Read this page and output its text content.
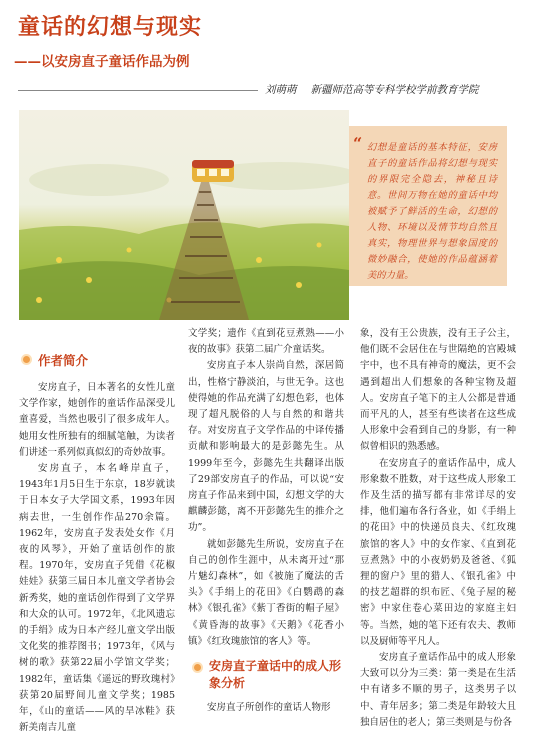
童话的幻想与现实
——以安房直子童话作品为例
刘萌萌 新疆师范高等专科学校学前教育学院
“ 幻想是童话的基本特征，安房直子的童话作品将幻想与现实的界限完全隐去，神秘且诗意。世间万物在她的童话中均被赋予了鲜活的生命，幻想的人物、环境以及情节均自然且真实，物理世界与想象国度的微妙融合，使她的作品蕴涵着美的力量。
作者简介

安房直子，日本著名的女性儿童文学作家，她创作的童话作品深受儿童喜爱，当然也吸引了很多成年人。她用女性所独有的细腻笔触，为读者们讲述一系列似真似幻的奇妙故事。

安房直子，本名峰岸直子，1943年1月5日生于东京，18岁就读于日本女子大学国文系，1993年因病去世，一生创作作品270余篇。1962年，安房直子发表处女作《月夜的风琴》，开始了童话创作的旅程。1970年，安房直子凭借《花椒娃娃》获第三届日本儿童文学者协会新秀奖，她的童话创作得到了文学界和大众的认可。1972年，《北风遗忘的手绢》成为日本产经儿童文学出版文化奖的推荐图书；1973年，《风与树的歌》获第22届小学馆文学奖；1982年，童话集《遥远的野玫瑰村》获第20届野间儿童文学奖；1985年，《山的童话——风的旱冰鞋》获新美南吉儿童

文学奖；遗作《直到花豆煮熟——小夜的故事》获第二届广介童话奖。

安房直子本人崇尚自然，深居简出，性格宁静淡泊，与世无争。这也使得她的作品充满了幻想色彩，也体现了超凡脱俗的人与自然的和谐共存。对安房直子文学作品的中译传播贡献和影响最大的是彭懿先生。从1999年至今，彭懿先生共翻译出版了29部安房直子的作品，可以说“安房直子作品来到中国，幻想文学的大麒麟彭懿，离不开彭懿先生的推介之功”。

就如彭懿先生所说，安房直子在自己的创作生涯中，从未离开过“那片魅幻森林”，如《被施了魔法的舌头》《手绢上的花田》《白鹦鹉的森林》《银孔雀》《紫丁香街的帽子屋》《黄昏海的故事》《天鹅》《花香小镇》《红玫瑰旅馆的客人》等。

安房直子童话中的成人形象分析

安房直子所创作的童话人物形

象，没有王公贵族，没有王子公主，他们既不会居住在与世隔绝的宫殿城宇中，也不具有神奇的魔法，更不会遇到超出人们想象的各种宝物及超人。安房直子笔下的主人公都是普通而平凡的人，甚至有些读者在这些成人形象中会看到自己的身影，有一种似曾相识的熟悉感。

在安房直子的童话作品中，成人形象数不胜数，对于这些成人形象工作及生活的描写都有非常详尽的安排，他们遍布各行各业，如《手绢上的花田》中的快递员良夫、《红玫瑰旅馆的客人》中的女作家、《直到花豆煮熟》中的小夜奶奶及爸爸、《狐狸的窗户》里的猎人、《银孔雀》中的技艺超群的织布匠、《兔子屋的秘密》中家住卷心菜田边的家庭主妇等。当然，她的笔下还有农夫、教师以及厨师等平凡人。

安房直子童话作品中的成人形象大致可以分为三类：第一类是在生活中有诸多不顺的男子，这类男子以中、青年居多；第二类是年龄较大且独自居住的老人；第三类则是与份各
